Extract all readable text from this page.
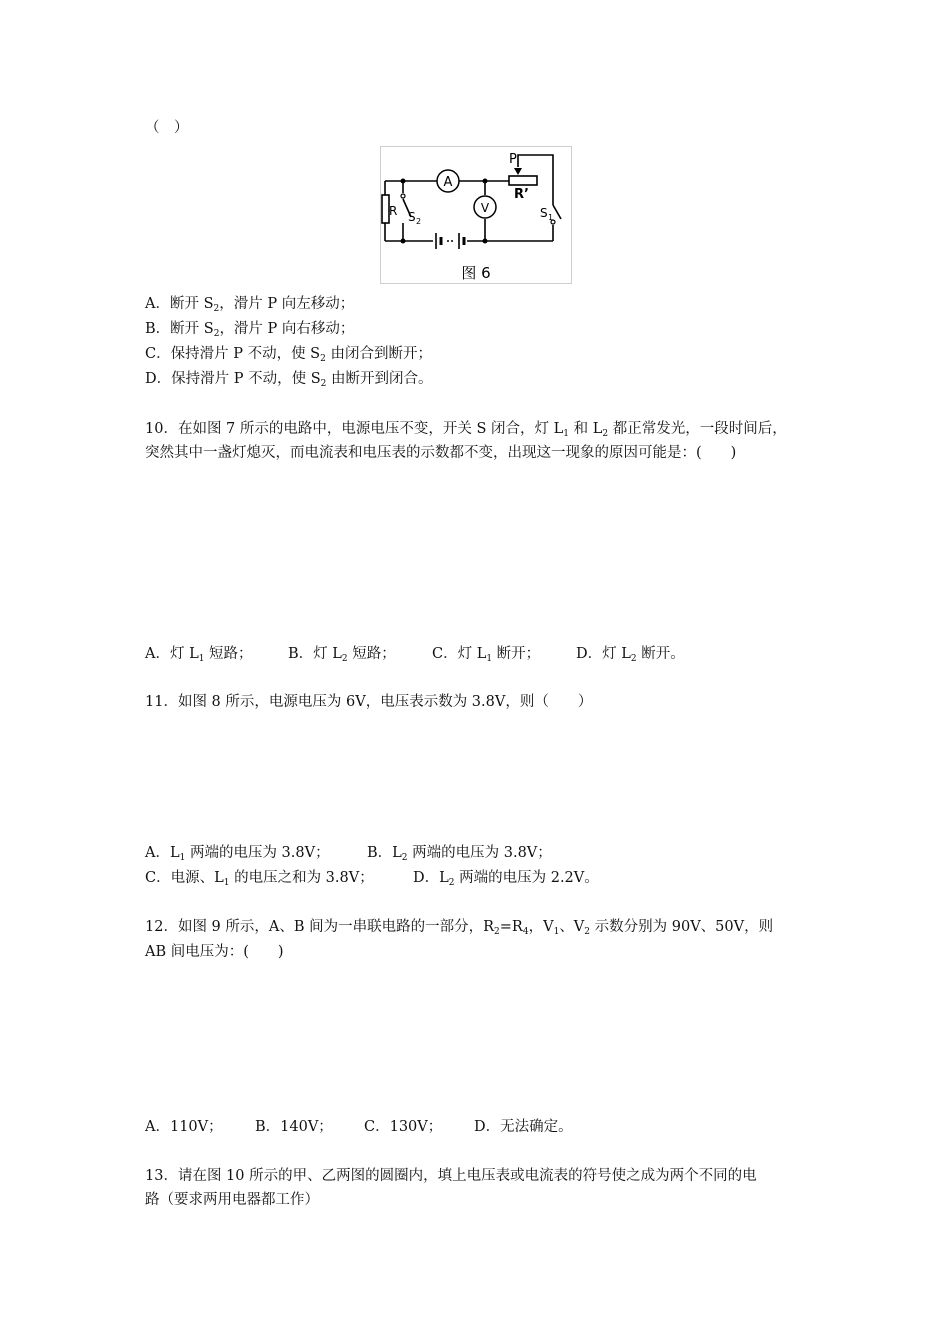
（　）
A
V
P
R’
R S 2
S 1
图 6
A．断开 $S_2$，滑片 P 向左移动；
B．断开 $S_2$，滑片 P 向右移动；
C．保持滑片 P 不动，使 $S_2$ 由闭合到断开；
D．保持滑片 P 不动，使 $S_2$ 由断开到闭合。
10．在如图 7 所示的电路中，电源电压不变，开关 S 闭合，灯 $L_1$ 和 $L_2$ 都正常发光，一段时间后，
突然其中一盏灯熄灭，而电流表和电压表的示数都不变，出现这一现象的原因可能是：(　　)
A．灯 $L_1$ 短路； B．灯 $L_2$ 短路；	C．灯 $L_1$ 断开； D．灯 $L_2$ 断开。
11．如图 8 所示，电源电压为 6V，电压表示数为 3.8V，则（　　）
A．$L_1$ 两端的电压为 3.8V；	B．$L_2$ 两端的电压为 3.8V；
C．电源、$L_1$ 的电压之和为 3.8V；	D．$L_2$ 两端的电压为 2.2V。
12．如图 9 所示，A、B 间为一串联电路的一部分，$R_2=R_4$，$V_1$、$V_2$ 示数分别为 90V、50V，则
AB 间电压为：(　　)
A．110V； B．140V； C．130V； D．无法确定。
13．请在图 10 所示的甲、乙两图的圆圈内，填上电压表或电流表的符号使之成为两个不同的电
路（要求两用电器都工作）
